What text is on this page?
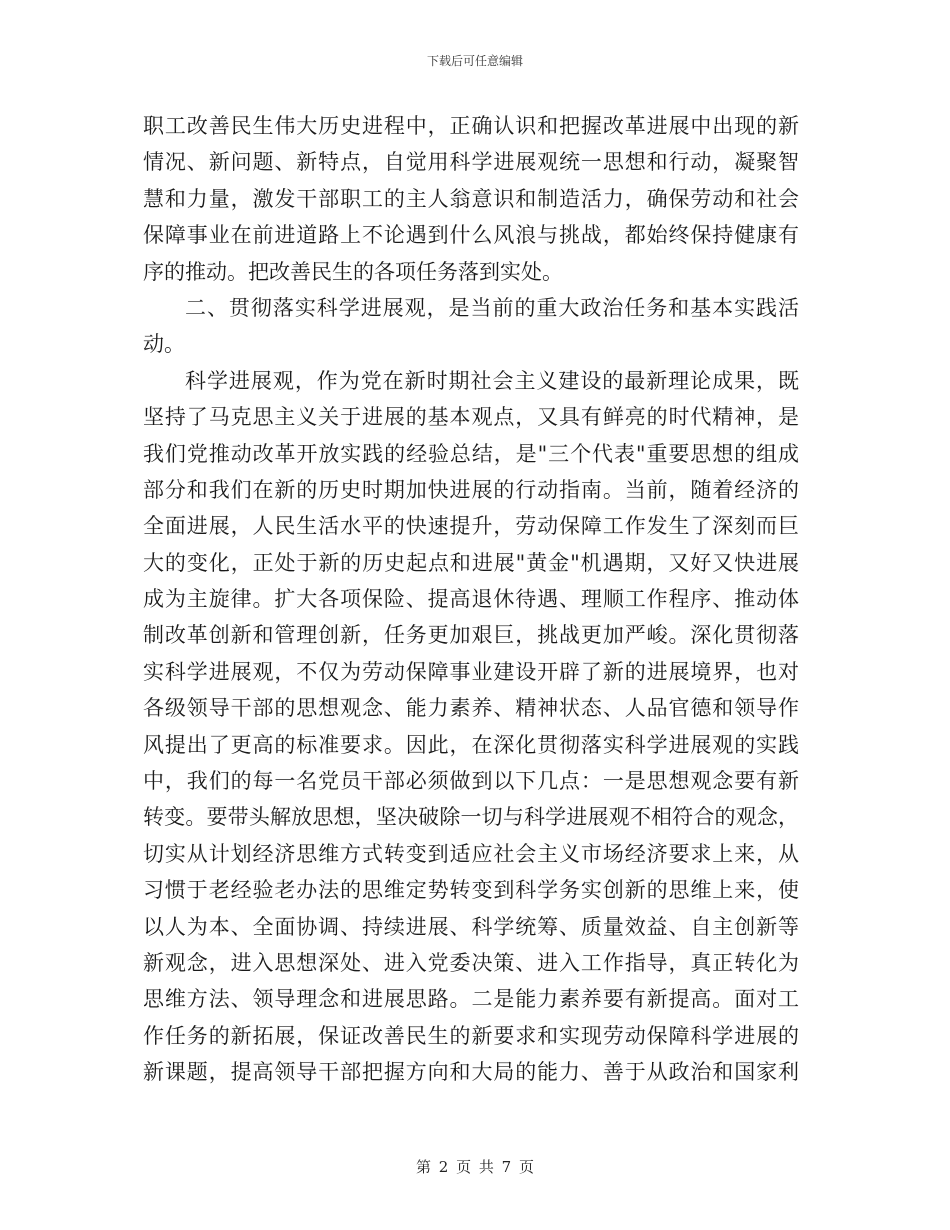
下载后可任意编辑
职工改善民生伟大历史进程中，正确认识和把握改革进展中出现的新
情况、新问题、新特点，自觉用科学进展观统一思想和行动，凝聚智
慧和力量，激发干部职工的主人翁意识和制造活力，确保劳动和社会
保障事业在前进道路上不论遇到什么风浪与挑战，都始终保持健康有
序的推动。把改善民生的各项任务落到实处。
二、贯彻落实科学进展观，是当前的重大政治任务和基本实践活
动。
科学进展观，作为党在新时期社会主义建设的最新理论成果，既
坚持了马克思主义关于进展的基本观点，又具有鲜亮的时代精神，是
我们党推动改革开放实践的经验总结，是"三个代表"重要思想的组成
部分和我们在新的历史时期加快进展的行动指南。当前，随着经济的
全面进展，人民生活水平的快速提升，劳动保障工作发生了深刻而巨
大的变化，正处于新的历史起点和进展"黄金"机遇期，又好又快进展
成为主旋律。扩大各项保险、提高退休待遇、理顺工作程序、推动体
制改革创新和管理创新，任务更加艰巨，挑战更加严峻。深化贯彻落
实科学进展观，不仅为劳动保障事业建设开辟了新的进展境界，也对
各级领导干部的思想观念、能力素养、精神状态、人品官德和领导作
风提出了更高的标准要求。因此，在深化贯彻落实科学进展观的实践
中，我们的每一名党员干部必须做到以下几点：一是思想观念要有新
转变。要带头解放思想，坚决破除一切与科学进展观不相符合的观念，
切实从计划经济思维方式转变到适应社会主义市场经济要求上来，从
习惯于老经验老办法的思维定势转变到科学务实创新的思维上来，使
以人为本、全面协调、持续进展、科学统筹、质量效益、自主创新等
新观念，进入思想深处、进入党委决策、进入工作指导，真正转化为
思维方法、领导理念和进展思路。二是能力素养要有新提高。面对工
作任务的新拓展，保证改善民生的新要求和实现劳动保障科学进展的
新课题，提高领导干部把握方向和大局的能力、善于从政治和国家利
第 2 页 共 7 页
